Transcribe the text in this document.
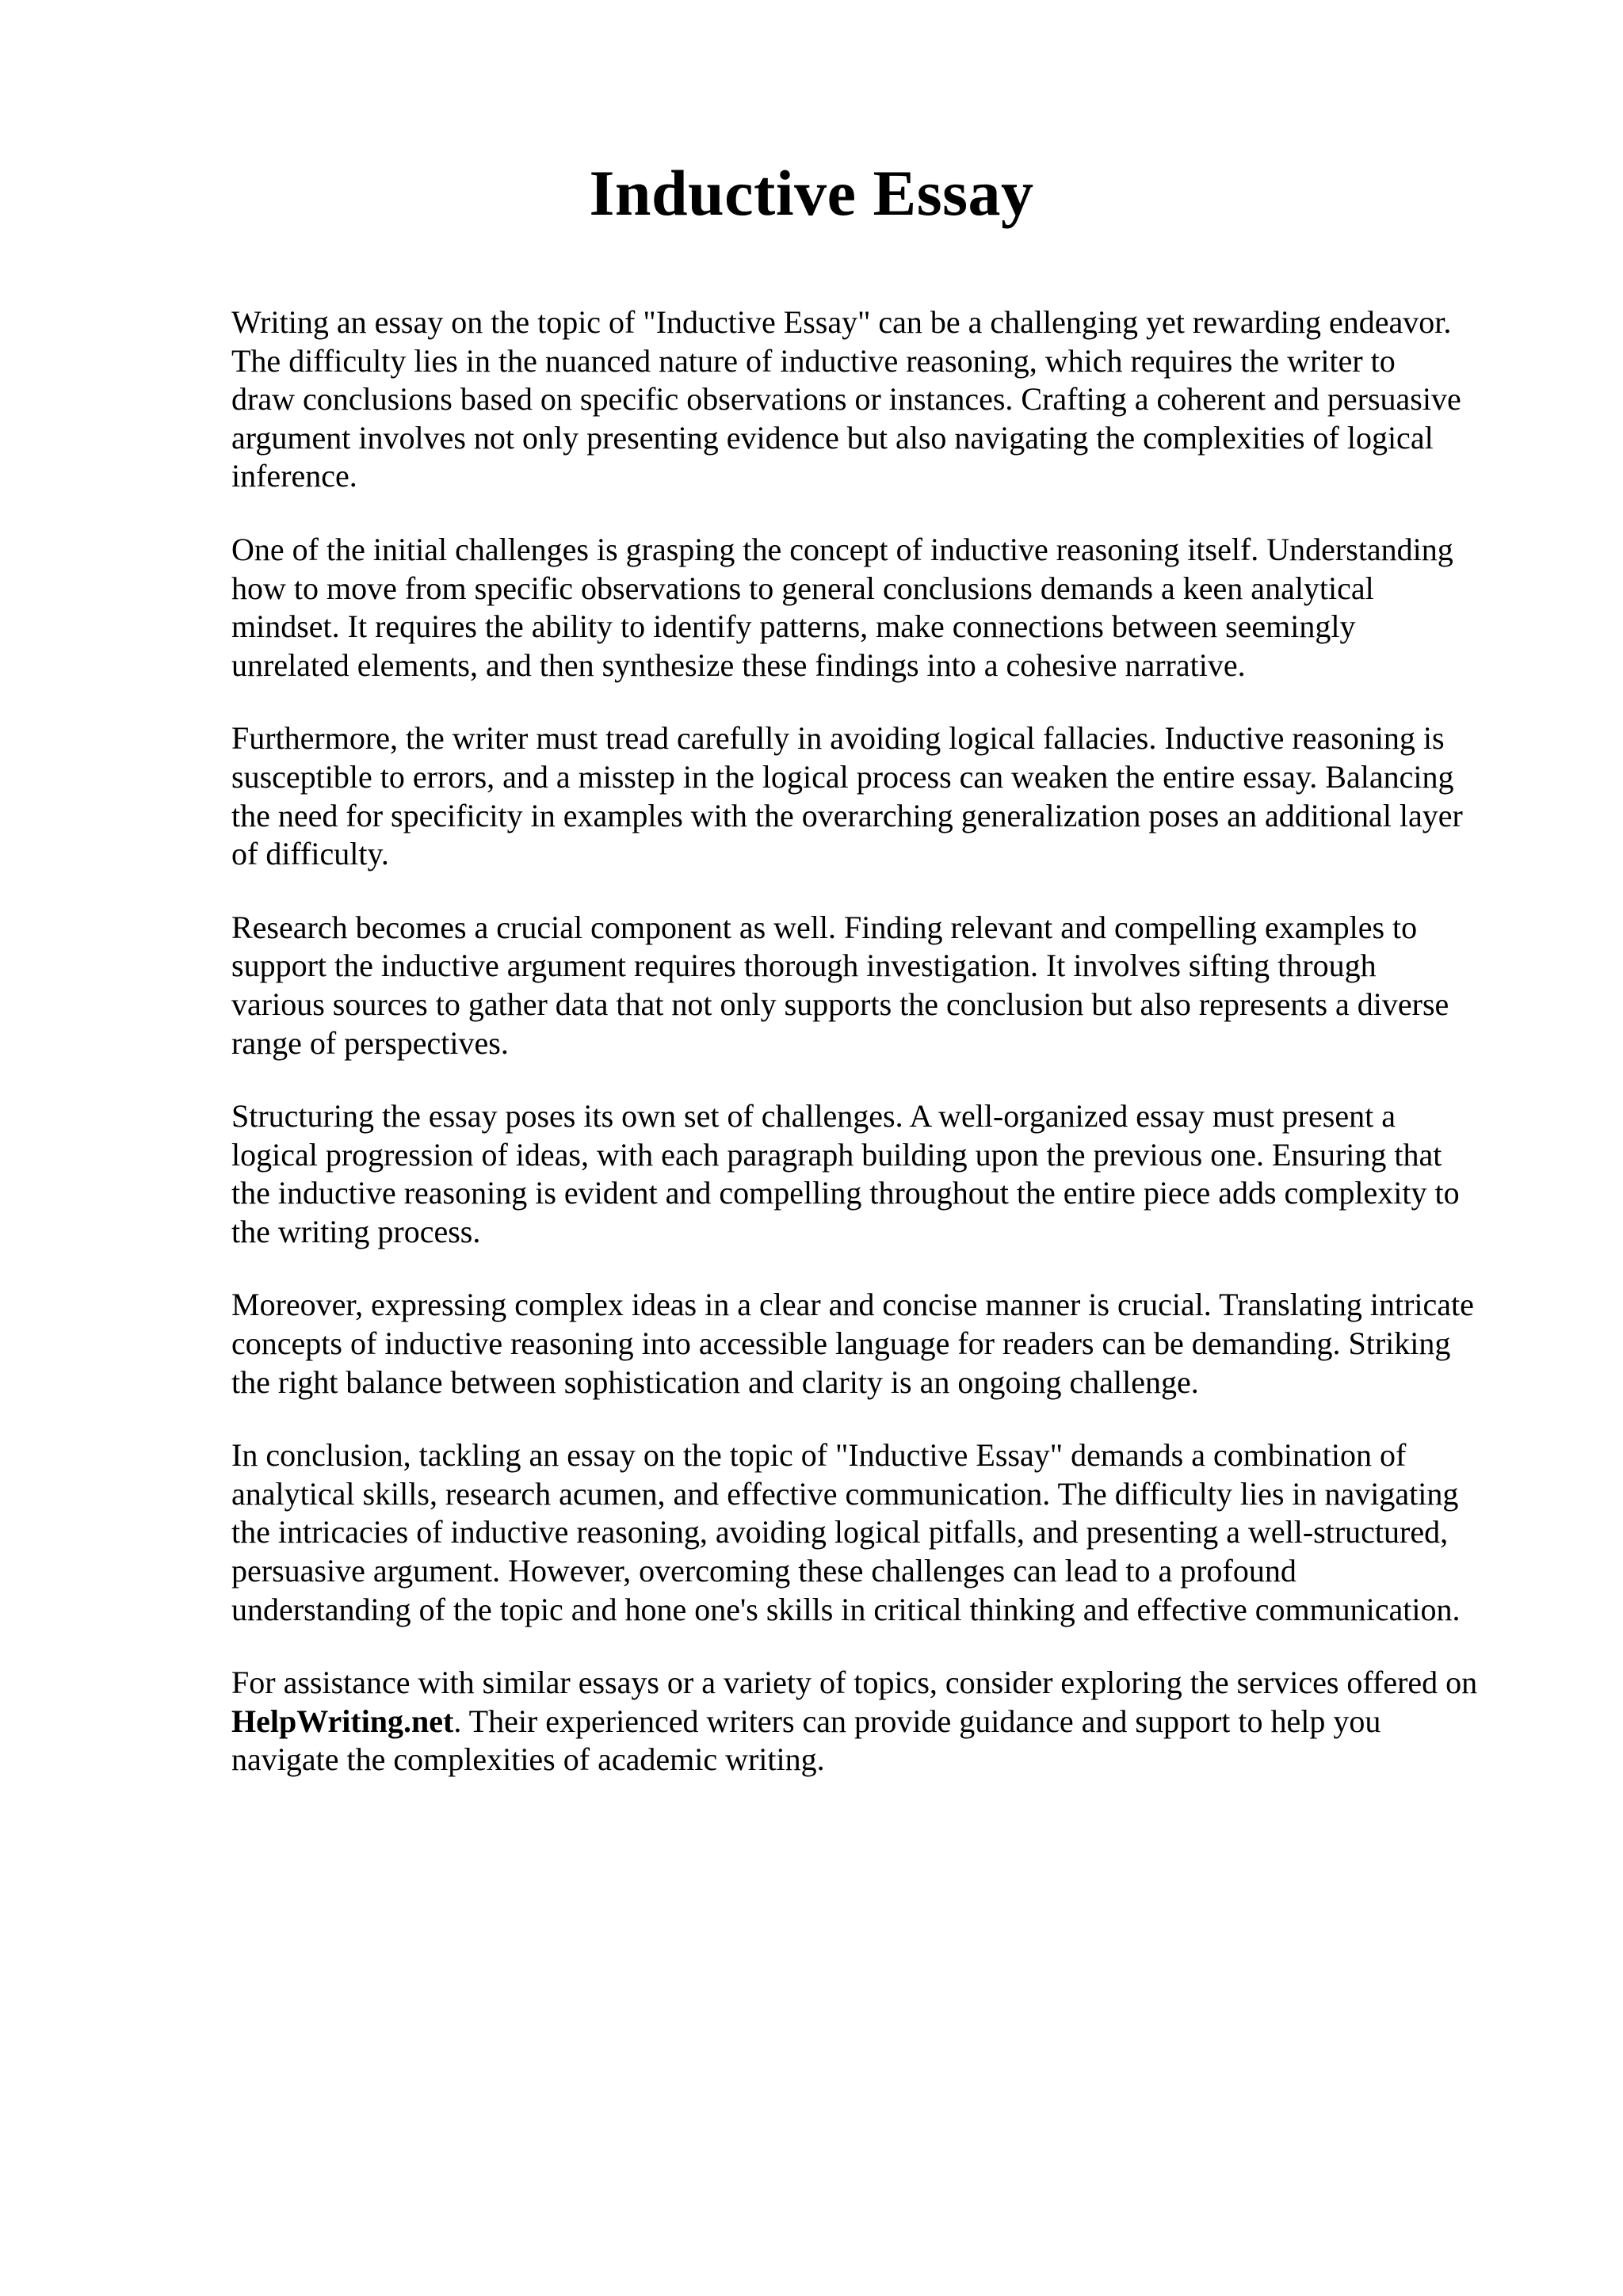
Inductive Essay

Writing an essay on the topic of "Inductive Essay" can be a challenging yet rewarding endeavor.
The difficulty lies in the nuanced nature of inductive reasoning, which requires the writer to
draw conclusions based on specific observations or instances. Crafting a coherent and persuasive
argument involves not only presenting evidence but also navigating the complexities of logical
inference.

One of the initial challenges is grasping the concept of inductive reasoning itself. Understanding
how to move from specific observations to general conclusions demands a keen analytical
mindset. It requires the ability to identify patterns, make connections between seemingly
unrelated elements, and then synthesize these findings into a cohesive narrative.

Furthermore, the writer must tread carefully in avoiding logical fallacies. Inductive reasoning is
susceptible to errors, and a misstep in the logical process can weaken the entire essay. Balancing
the need for specificity in examples with the overarching generalization poses an additional layer
of difficulty.

Research becomes a crucial component as well. Finding relevant and compelling examples to
support the inductive argument requires thorough investigation. It involves sifting through
various sources to gather data that not only supports the conclusion but also represents a diverse
range of perspectives.

Structuring the essay poses its own set of challenges. A well-organized essay must present a
logical progression of ideas, with each paragraph building upon the previous one. Ensuring that
the inductive reasoning is evident and compelling throughout the entire piece adds complexity to
the writing process.

Moreover, expressing complex ideas in a clear and concise manner is crucial. Translating intricate
concepts of inductive reasoning into accessible language for readers can be demanding. Striking
the right balance between sophistication and clarity is an ongoing challenge.

In conclusion, tackling an essay on the topic of "Inductive Essay" demands a combination of
analytical skills, research acumen, and effective communication. The difficulty lies in navigating
the intricacies of inductive reasoning, avoiding logical pitfalls, and presenting a well-structured,
persuasive argument. However, overcoming these challenges can lead to a profound
understanding of the topic and hone one's skills in critical thinking and effective communication.

For assistance with similar essays or a variety of topics, consider exploring the services offered on
HelpWriting.net. Their experienced writers can provide guidance and support to help you
navigate the complexities of academic writing.
